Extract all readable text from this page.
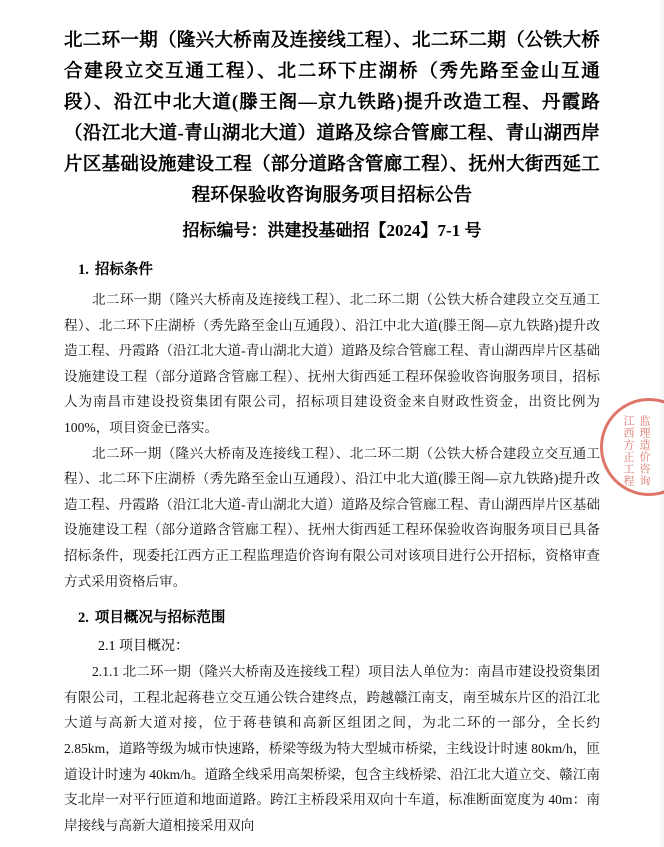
北二环一期（隆兴大桥南及连接线工程）、北二环二期（公铁大桥合建段立交互通工程）、北二环下庄湖桥（秀先路至金山互通段）、沿江中北大道(滕王阁—京九铁路)提升改造工程、丹霞路（沿江北大道-青山湖北大道）道路及综合管廊工程、青山湖西岸片区基础设施建设工程（部分道路含管廊工程）、抚州大街西延工程环保验收咨询服务项目招标公告
招标编号：洪建投基础招【2024】7-1 号
1. 招标条件

北二环一期（隆兴大桥南及连接线工程）、北二环二期（公铁大桥合建段立交互通工程）、北二环下庄湖桥（秀先路至金山互通段）、沿江中北大道(滕王阁—京九铁路)提升改造工程、丹霞路（沿江北大道-青山湖北大道）道路及综合管廊工程、青山湖西岸片区基础设施建设工程（部分道路含管廊工程）、抚州大街西延工程环保验收咨询服务项目，招标人为南昌市建设投资集团有限公司，招标项目建设资金来自财政性资金，出资比例为 100%，项目资金已落实。

北二环一期（隆兴大桥南及连接线工程）、北二环二期（公铁大桥合建段立交互通工程）、北二环下庄湖桥（秀先路至金山互通段）、沿江中北大道(滕王阁—京九铁路)提升改造工程、丹霞路（沿江北大道-青山湖北大道）道路及综合管廊工程、青山湖西岸片区基础设施建设工程（部分道路含管廊工程）、抚州大街西延工程环保验收咨询服务项目已具备招标条件，现委托江西方正工程监理造价咨询有限公司对该项目进行公开招标，资格审查方式采用资格后审。

2. 项目概况与招标范围
2.1 项目概况：

2.1.1 北二环一期（隆兴大桥南及连接线工程）项目法人单位为：南昌市建设投资集团有限公司，工程北起蒋巷立交互通公铁合建终点，跨越赣江南支，南至城东片区的沿江北大道与高新大道对接，位于蒋巷镇和高新区组团之间，为北二环的一部分，全长约 2.85km，道路等级为城市快速路，桥梁等级为特大型城市桥梁，主线设计时速 80km/h，匝道设计时速为 40km/h。道路全线采用高架桥梁，包含主线桥梁、沿江北大道立交、赣江南支北岸一对平行匝道和地面道路。跨江主桥段采用双向十车道，标准断面宽度为 40m：南岸接线与高新大道相接采用双向

江西方正工程 监理造价咨询
